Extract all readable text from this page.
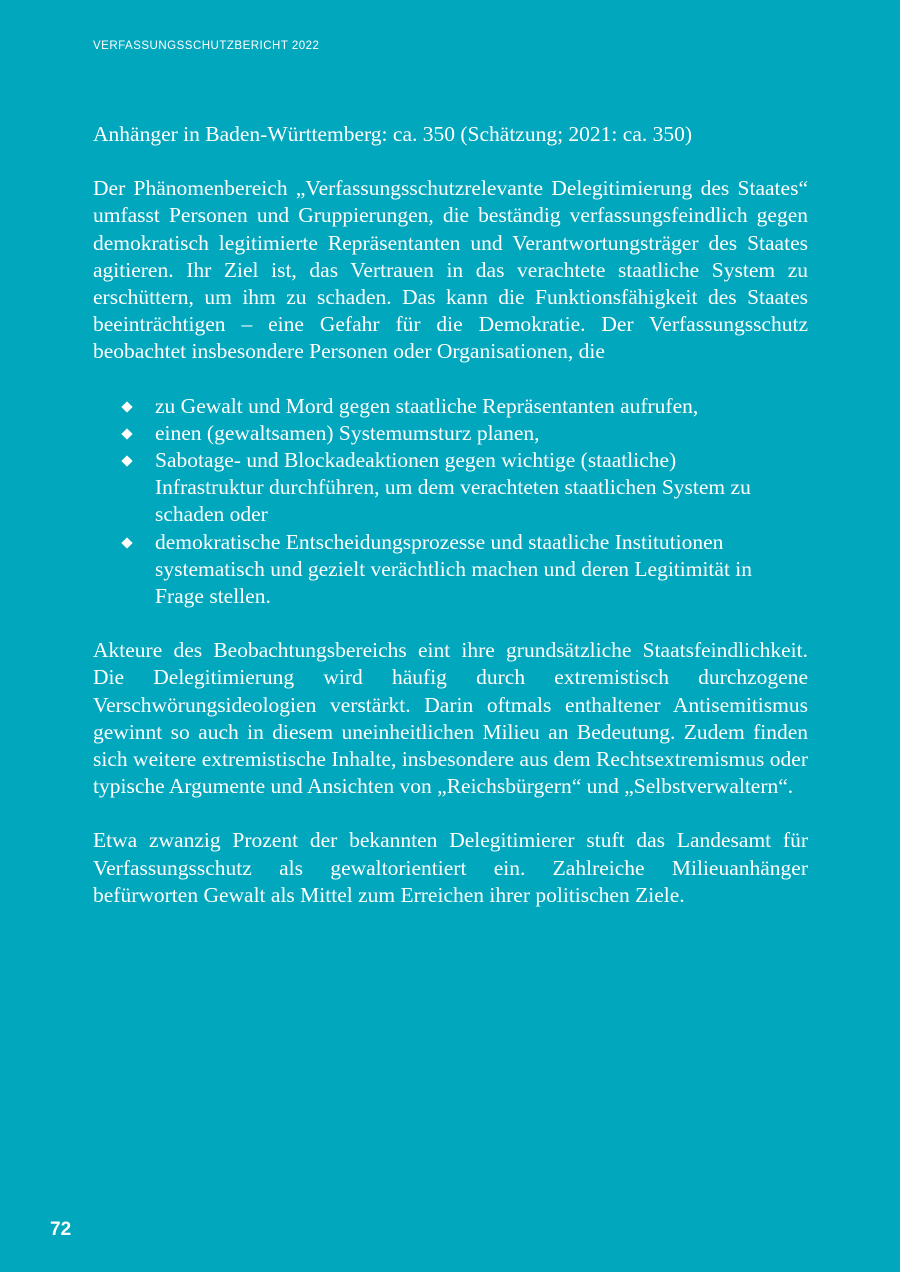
VERFASSUNGSSCHUTZBERICHT 2022

Anhänger in Baden-Württemberg: ca. 350 (Schätzung; 2021: ca. 350)

Der Phänomenbereich „Verfassungsschutzrelevante Delegitimierung des Staates“ umfasst Personen und Gruppierungen, die beständig verfassungsfeindlich gegen demokratisch legitimierte Repräsentanten und Verantwortungsträger des Staates agitieren. Ihr Ziel ist, das Vertrauen in das verachtete staatliche System zu erschüttern, um ihm zu schaden. Das kann die Funktionsfähigkeit des Staates beeinträchtigen – eine Gefahr für die Demokratie. Der Verfassungsschutz beobachtet insbesondere Personen oder Organisationen, die

zu Gewalt und Mord gegen staatliche Repräsentanten aufrufen,
einen (gewaltsamen) Systemumsturz planen,
Sabotage- und Blockadeaktionen gegen wichtige (staatliche) Infrastruktur durchführen, um dem verachteten staatlichen System zu schaden oder
demokratische Entscheidungsprozesse und staatliche Institutionen systematisch und gezielt verächtlich machen und deren Legitimität in Frage stellen.

Akteure des Beobachtungsbereichs eint ihre grundsätzliche Staatsfeindlichkeit. Die Delegitimierung wird häufig durch extremistisch durchzogene Verschwörungsideologien verstärkt. Darin oftmals enthaltener Antisemitismus gewinnt so auch in diesem uneinheitlichen Milieu an Bedeutung. Zudem finden sich weitere extremistische Inhalte, insbesondere aus dem Rechtsextremismus oder typische Argumente und Ansichten von „Reichsbürgern“ und „Selbstverwaltern“.

Etwa zwanzig Prozent der bekannten Delegitimierer stuft das Landesamt für Verfassungsschutz als gewaltorientiert ein. Zahlreiche Milieuanhänger befürworten Gewalt als Mittel zum Erreichen ihrer politischen Ziele.

72
